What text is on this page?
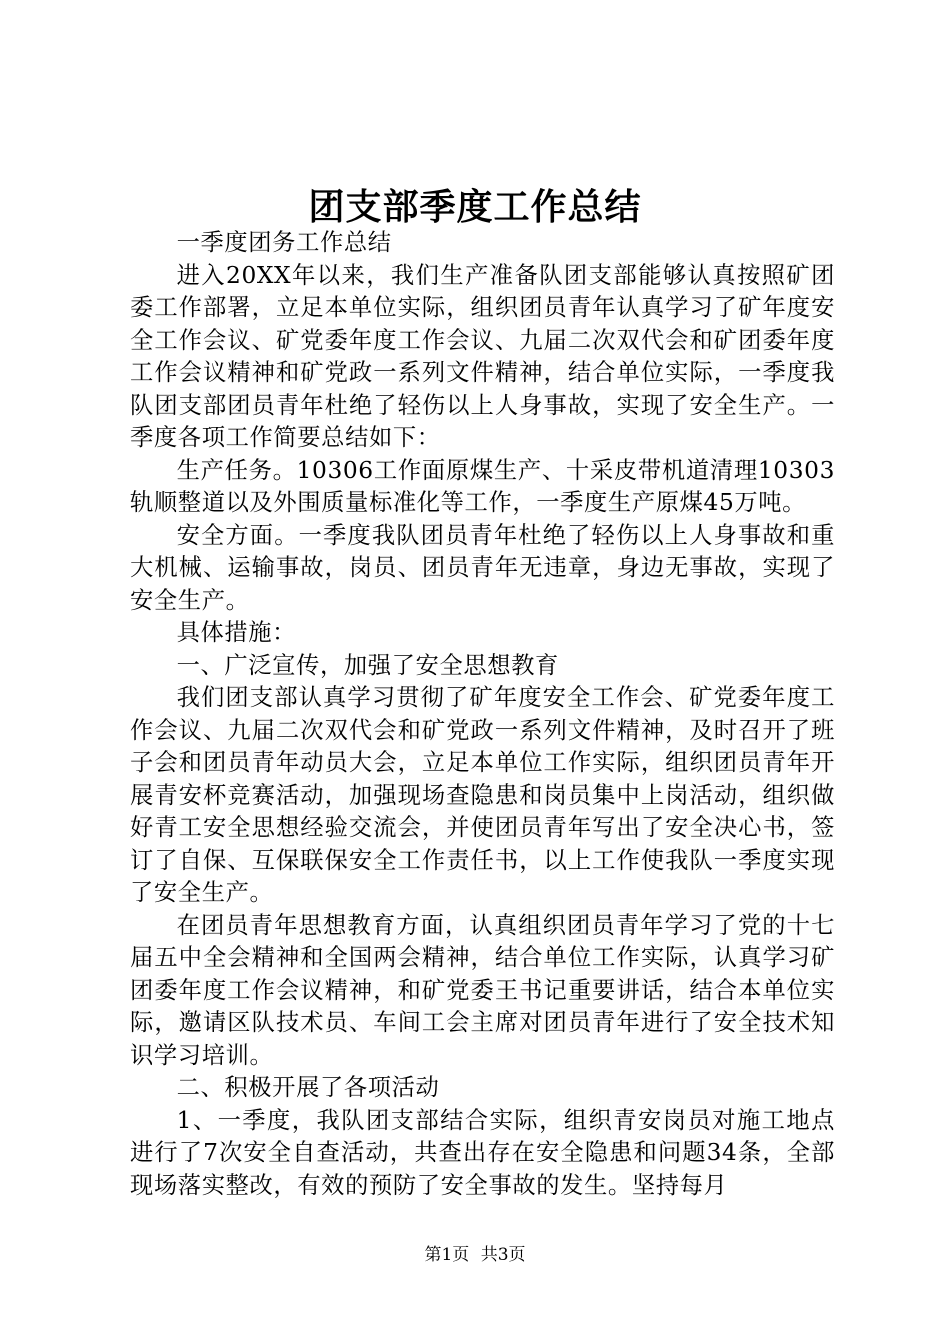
团支部季度工作总结

一季度团务工作总结

进入20XX年以来，我们生产准备队团支部能够认真按照矿团委工作部署，立足本单位实际，组织团员青年认真学习了矿年度安全工作会议、矿党委年度工作会议、九届二次双代会和矿团委年度工作会议精神和矿党政一系列文件精神，结合单位实际，一季度我队团支部团员青年杜绝了轻伤以上人身事故，实现了安全生产。一季度各项工作简要总结如下：

生产任务。10306工作面原煤生产、十采皮带机道清理10303轨顺整道以及外围质量标准化等工作，一季度生产原煤45万吨。

安全方面。一季度我队团员青年杜绝了轻伤以上人身事故和重大机械、运输事故，岗员、团员青年无违章，身边无事故，实现了安全生产。

具体措施：

一、广泛宣传，加强了安全思想教育

我们团支部认真学习贯彻了矿年度安全工作会、矿党委年度工作会议、九届二次双代会和矿党政一系列文件精神，及时召开了班子会和团员青年动员大会，立足本单位工作实际，组织团员青年开展青安杯竞赛活动，加强现场查隐患和岗员集中上岗活动，组织做好青工安全思想经验交流会，并使团员青年写出了安全决心书，签订了自保、互保联保安全工作责任书，以上工作使我队一季度实现了安全生产。

在团员青年思想教育方面，认真组织团员青年学习了党的十七届五中全会精神和全国两会精神，结合单位工作实际，认真学习矿团委年度工作会议精神，和矿党委王书记重要讲话，结合本单位实际，邀请区队技术员、车间工会主席对团员青年进行了安全技术知识学习培训。

二、积极开展了各项活动

1、一季度，我队团支部结合实际，组织青安岗员对施工地点进行了7次安全自查活动，共查出存在安全隐患和问题34条，全部现场落实整改，有效的预防了安全事故的发生。坚持每月

第1页 共3页
